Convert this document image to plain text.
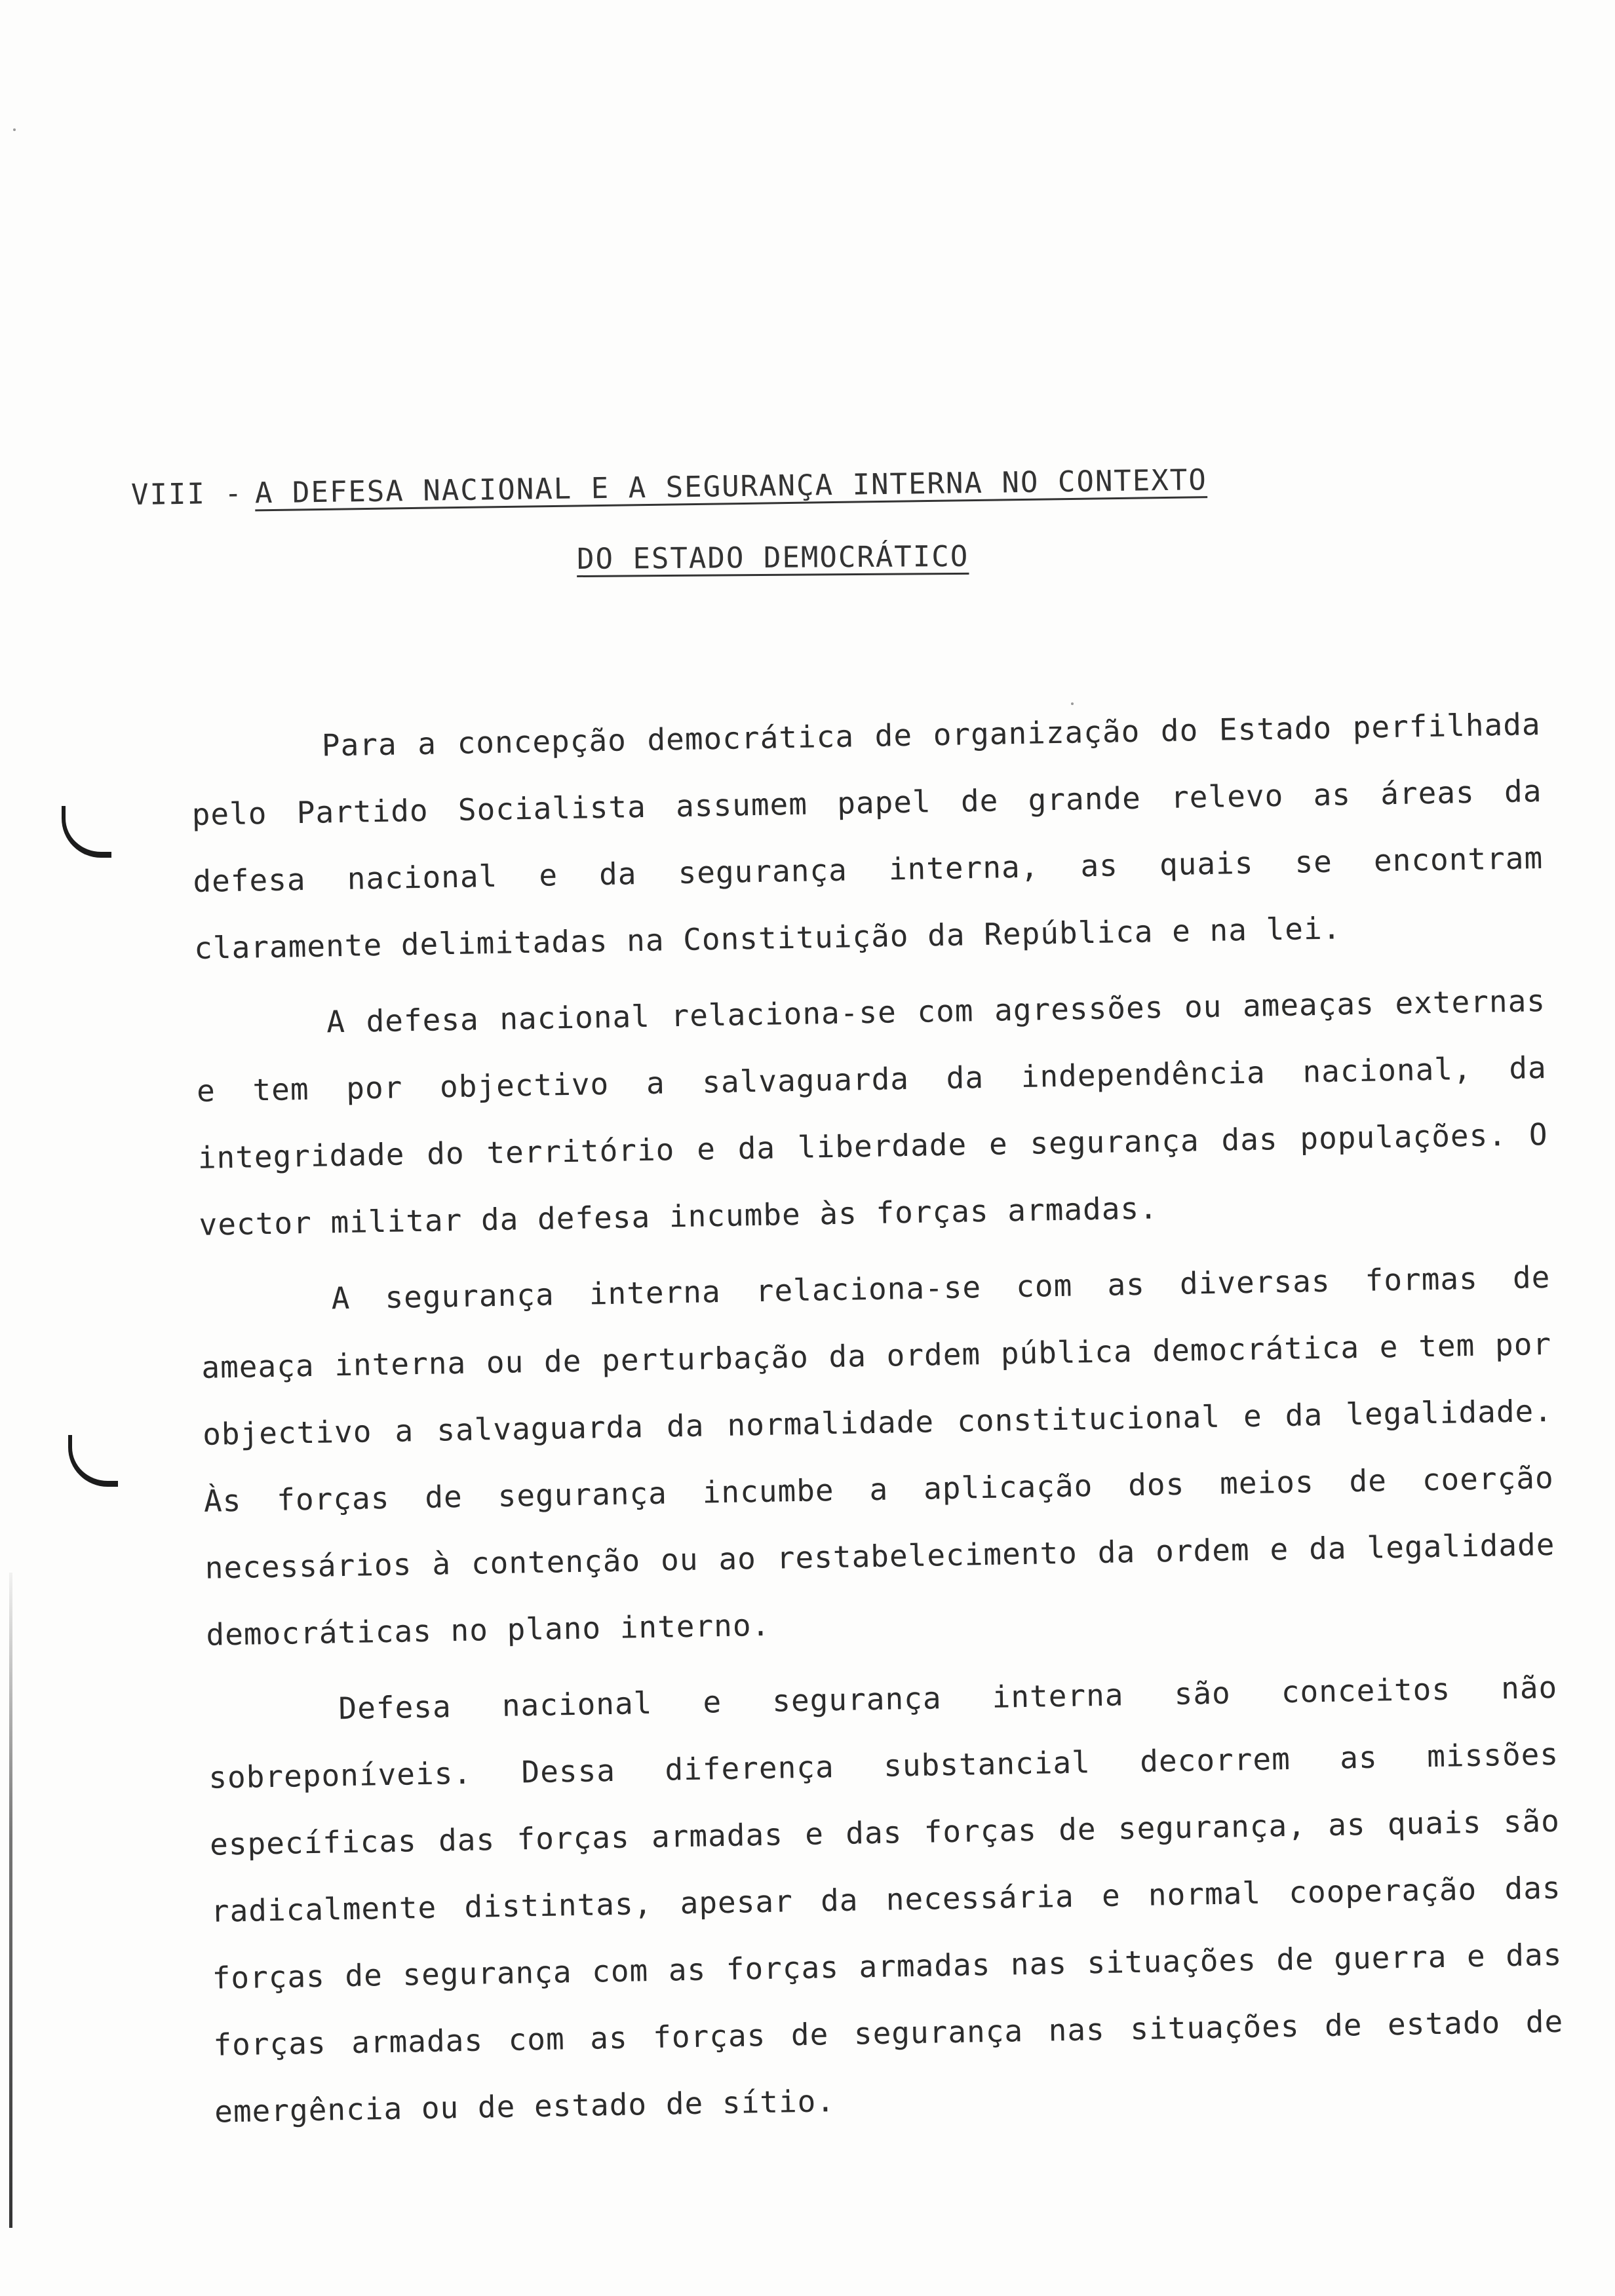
VIII - A DEFESA NACIONAL E A SEGURANÇA INTERNA NO CONTEXTO
DO ESTADO DEMOCRÁTICO

Para a concepção democrática de organização do Estado perfilhada pelo Partido Socialista assumem papel de grande relevo as áreas da defesa nacional e da segurança interna, as quais se encontram claramente delimitadas na Constituição da República e na lei.

A defesa nacional relaciona-se com agressões ou ameaças externas e tem por objectivo a salvaguarda da independência nacional, da integridade do território e da liberdade e segurança das populações. O vector militar da defesa incumbe às forças armadas.

A segurança interna relaciona-se com as diversas formas de ameaça interna ou de perturbação da ordem pública democrática e tem por objectivo a salvaguarda da normalidade constitucional e da legalidade. Às forças de segurança incumbe a aplicação dos meios de coerção necessários à contenção ou ao restabelecimento da ordem e da legalidade democráticas no plano interno.

Defesa nacional e segurança interna são conceitos não sobreponíveis. Dessa diferença substancial decorrem as missões específicas das forças armadas e das forças de segurança, as quais são radicalmente distintas, apesar da necessária e normal cooperação das forças de segurança com as forças armadas nas situações de guerra e das forças armadas com as forças de segurança nas situações de estado de emergência ou de estado de sítio.
